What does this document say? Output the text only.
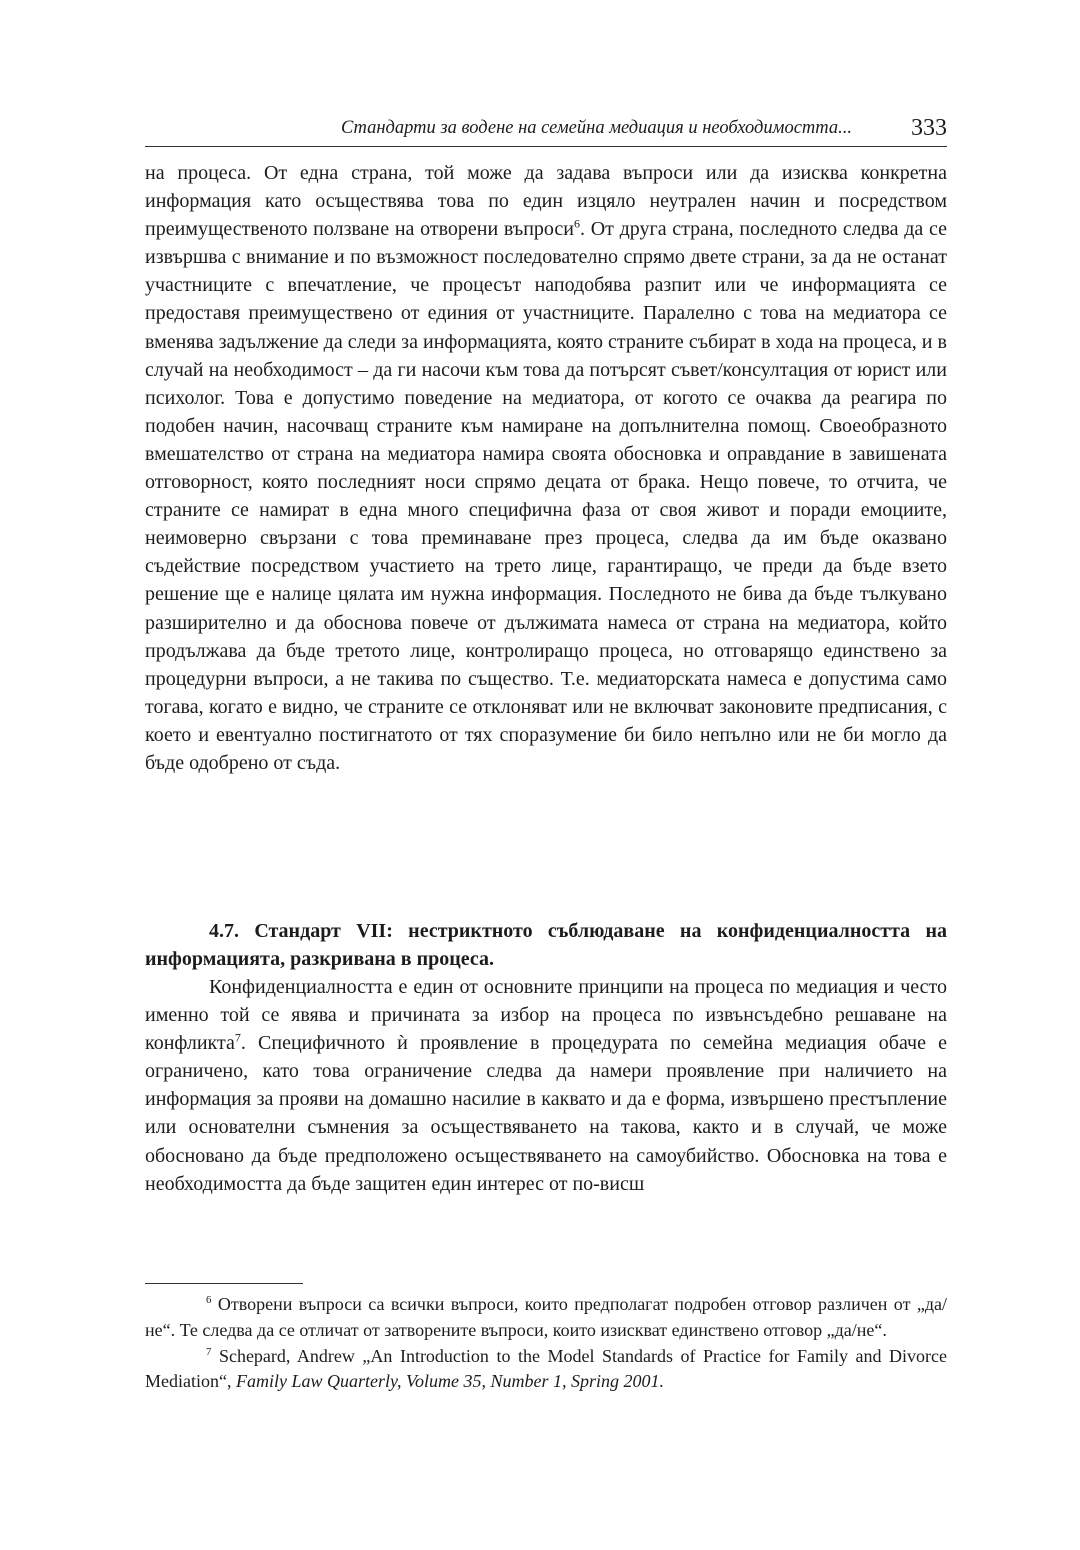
Стандарти за водене на семейна медиация и необходимостта... 333

на процеса. От една страна, той може да задава въпроси или да изисква конкретна информация като осъществява това по един изцяло неутрален начин и посредством преимущественото ползване на отворени въпроси$^6$. От друга страна, последното следва да се извършва с внимание и по възможност последователно спрямо двете страни, за да не останат участниците с впечатление, че процесът наподобява разпит или че информацията се предоставя преимуществено от единия от участниците. Паралелно с това на медиатора се вменява задължение да следи за информацията, която страните събират в хода на процеса, и в случай на необходимост – да ги насочи към това да потърсят съвет/консултация от юрист или психолог. Това е допустимо поведение на медиатора, от когото се очаква да реагира по подобен начин, насочващ страните към намиране на допълнителна помощ. Своеобразното вмешателство от страна на медиатора намира своята обосновка и оправдание в завишената отговорност, която последният носи спрямо децата от брака. Нещо повече, то отчита, че страните се намират в една много специфична фаза от своя живот и поради емоциите, неимоверно свързани с това преминаване през процеса, следва да им бъде оказвано съдействие посредством участието на трето лице, гарантиращо, че преди да бъде взето решение ще е налице цялата им нужна информация. Последното не бива да бъде тълкувано разширително и да обоснова повече от дължимата намеса от страна на медиатора, който продължава да бъде третото лице, контролиращо процеса, но отговарящо единствено за процедурни въпроси, а не такива по същество. Т.е. медиаторската намеса е допустима само тогава, когато е видно, че страните се отклоняват или не включват законовите предписания, с което и евентуално постигнатото от тях споразумение би било непълно или не би могло да бъде одобрено от съда.

4.7. Стандарт VII: нестриктното съблюдаване на конфиденциалността на информацията, разкривана в процеса.

Конфиденциалността е един от основните принципи на процеса по медиация и често именно той се явява и причината за избор на процеса по извънсъдебно решаване на конфликта$^7$. Специфичното ѝ проявление в процедурата по семейна медиация обаче е ограничено, като това ограничение следва да намери проявление при наличието на информация за прояви на домашно насилие в каквато и да е форма, извършено престъпление или основателни съмнения за осъществяването на такова, както и в случай, че може обосновано да бъде предположено осъществяването на самоубийство. Обосновка на това е необходимостта да бъде защитен един интерес от по-висш

$^6$ Отворени въпроси са всички въпроси, които предполагат подробен отговор различен от „да/не“. Те следва да се отличат от затворените въпроси, които изискват единствено отговор „да/не“.

$^7$ Schepard, Andrew „An Introduction to the Model Standards of Practice for Family and Divorce Mediation“, Family Law Quarterly, Volume 35, Number 1, Spring 2001.
